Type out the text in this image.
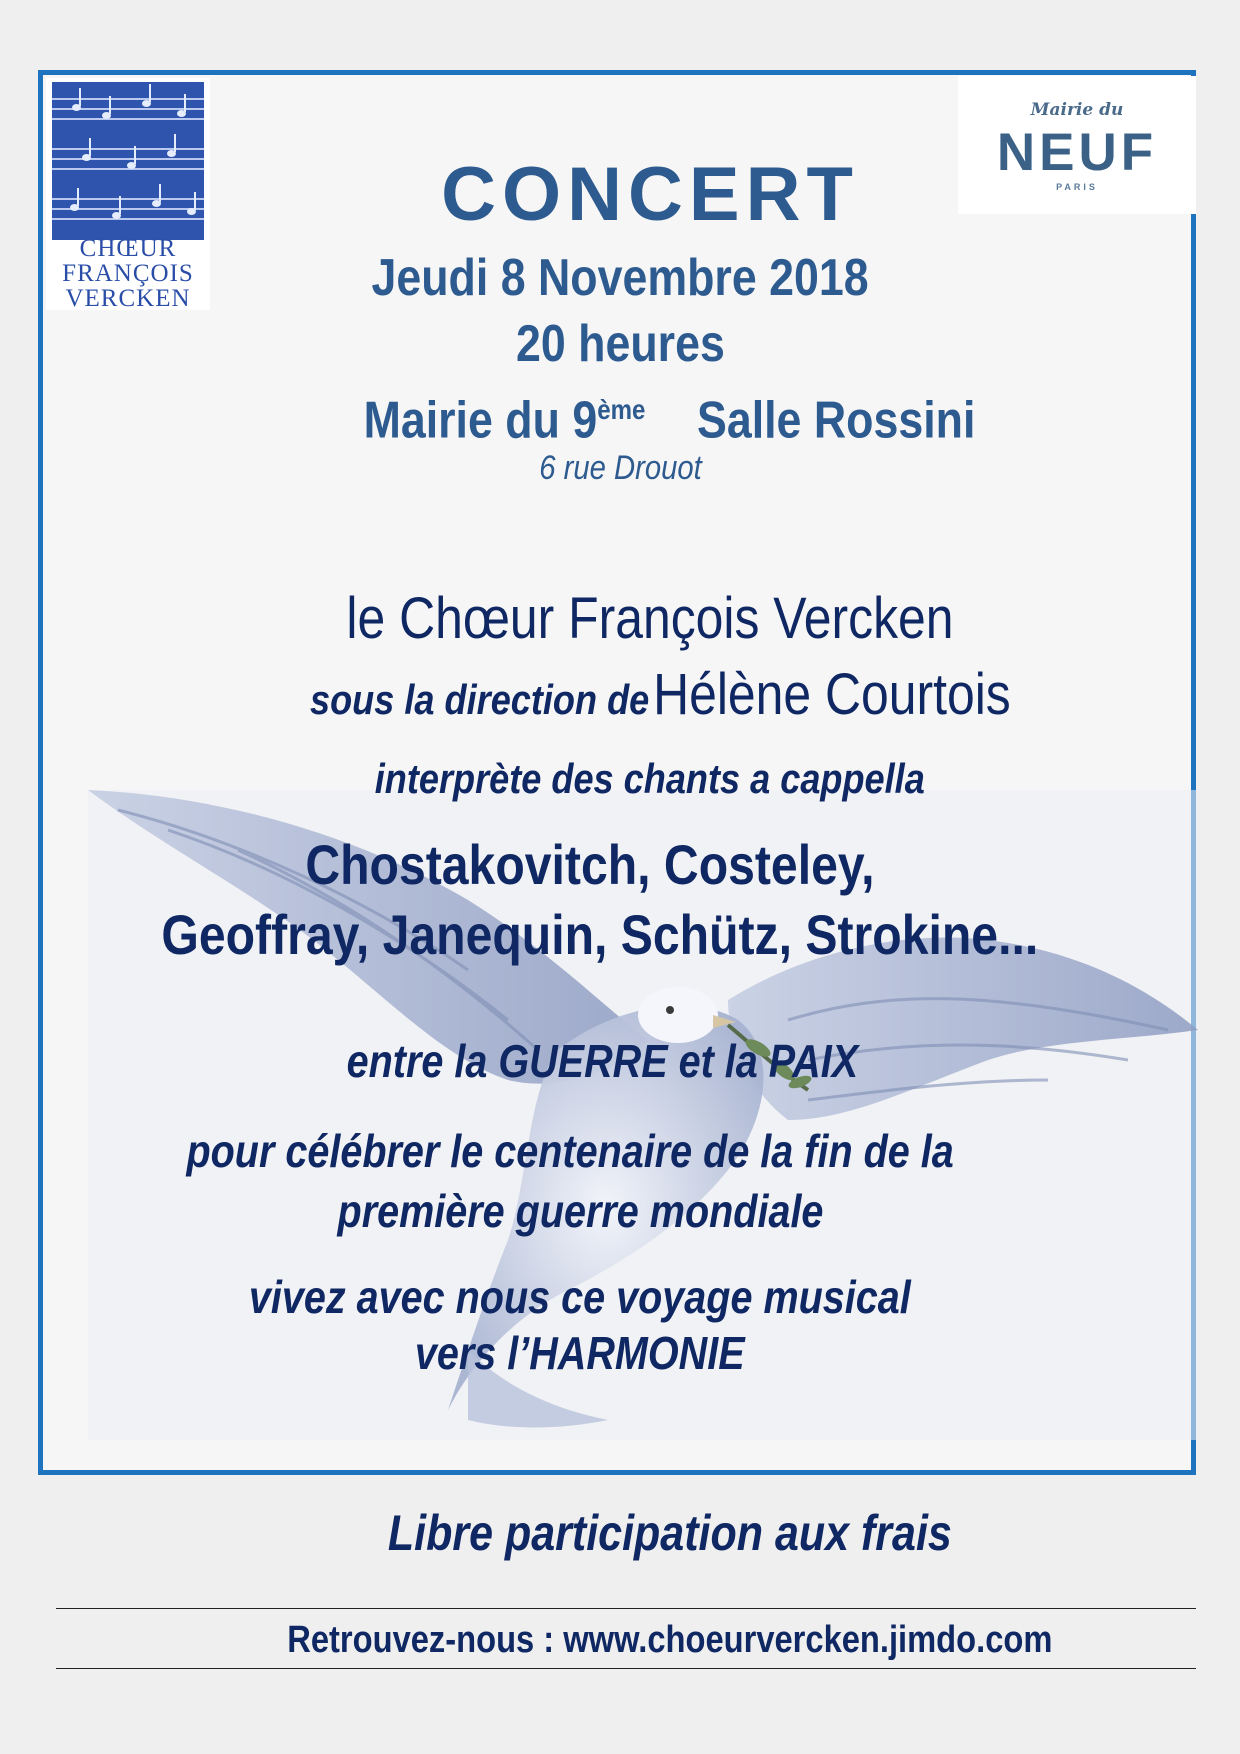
CHŒUR
FRANÇOIS
VERCKEN
Mairie du
NEUF
PARIS
CONCERT
Jeudi 8 Novembre 2018
20 heures
Mairie du 9ème Salle Rossini
6 rue Drouot
le Chœur François Vercken
sous la direction de Hélène Courtois
interprète des chants a cappella
Chostakovitch, Costeley,
Geoffray, Janequin, Schütz, Strokine...
entre la GUERRE et la PAIX
pour célébrer le centenaire de la fin de la
première guerre mondiale
vivez avec nous ce voyage musical
vers l’HARMONIE
Libre participation aux frais
Retrouvez-nous : www.choeurvercken.jimdo.com
